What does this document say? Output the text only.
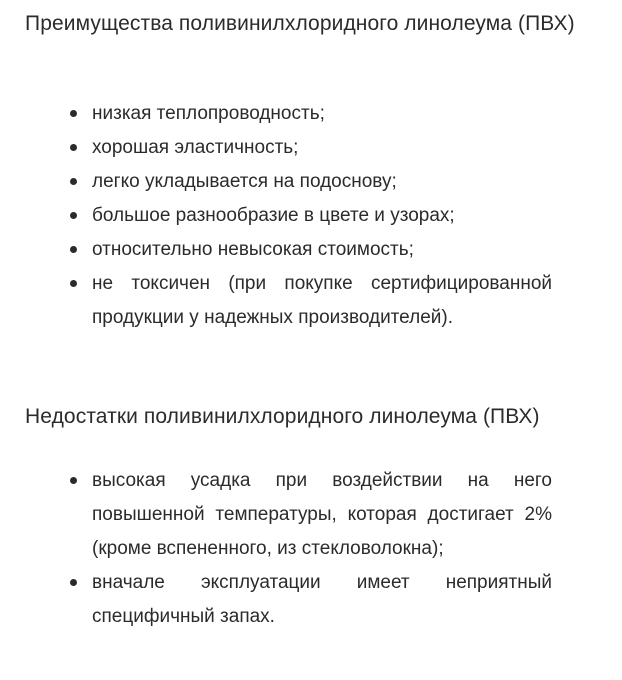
Преимущества поливинилхлоридного линолеума (ПВХ)
низкая теплопроводность;
хорошая эластичность;
легко укладывается на подоснову;
большое разнообразие в цвете и узорах;
относительно невысокая стоимость;
не токсичен (при покупке сертифицированной продукции у надежных производителей).
Недостатки поливинилхлоридного линолеума (ПВХ)
высокая усадка при воздействии на него повышенной температуры, которая достигает 2% (кроме вспененного, из стекловолокна);
вначале эксплуатации имеет неприятный специфичный запах.
